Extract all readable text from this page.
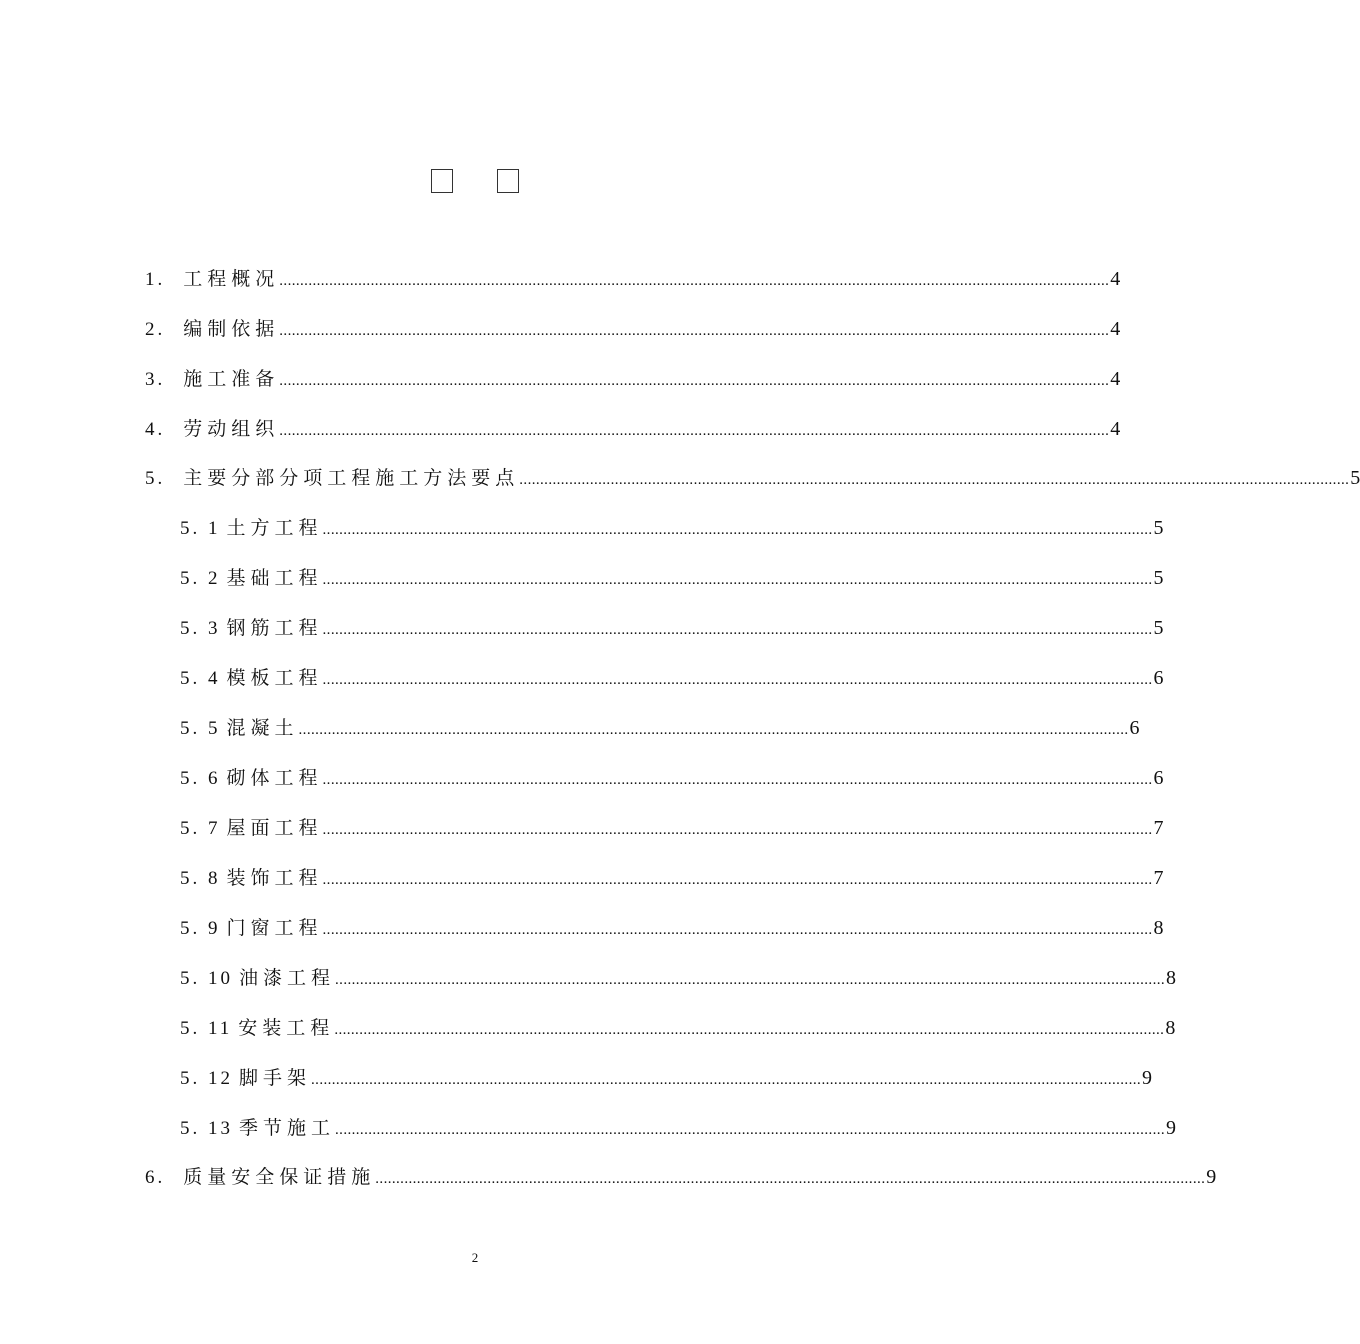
1. 工程概况 ........................................................................................................................................................................................................ 4
2. 编制依据 ........................................................................................................................................................................................................ 4
3. 施工准备 ........................................................................................................................................................................................................ 4
4. 劳动组织 ........................................................................................................................................................................................................ 4
5. 主要分部分项工程施工方法要点 ........................................................................................................................................................................................................ 5
5. 1 土方工程 ........................................................................................................................................................................................................ 5
5. 2 基础工程 ........................................................................................................................................................................................................ 5
5. 3 钢筋工程 ........................................................................................................................................................................................................ 5
5. 4 模板工程 ........................................................................................................................................................................................................ 6
5. 5 混凝土 ........................................................................................................................................................................................................ 6
5. 6 砌体工程 ........................................................................................................................................................................................................ 6
5. 7 屋面工程 ........................................................................................................................................................................................................ 7
5. 8 装饰工程 ........................................................................................................................................................................................................ 7
5. 9 门窗工程 ........................................................................................................................................................................................................ 8
5. 10 油漆工程 ........................................................................................................................................................................................................ 8
5. 11 安装工程 ........................................................................................................................................................................................................ 8
5. 12 脚手架 ........................................................................................................................................................................................................ 9
5. 13 季节施工 ........................................................................................................................................................................................................ 9
6. 质量安全保证措施 ........................................................................................................................................................................................................ 9
2
